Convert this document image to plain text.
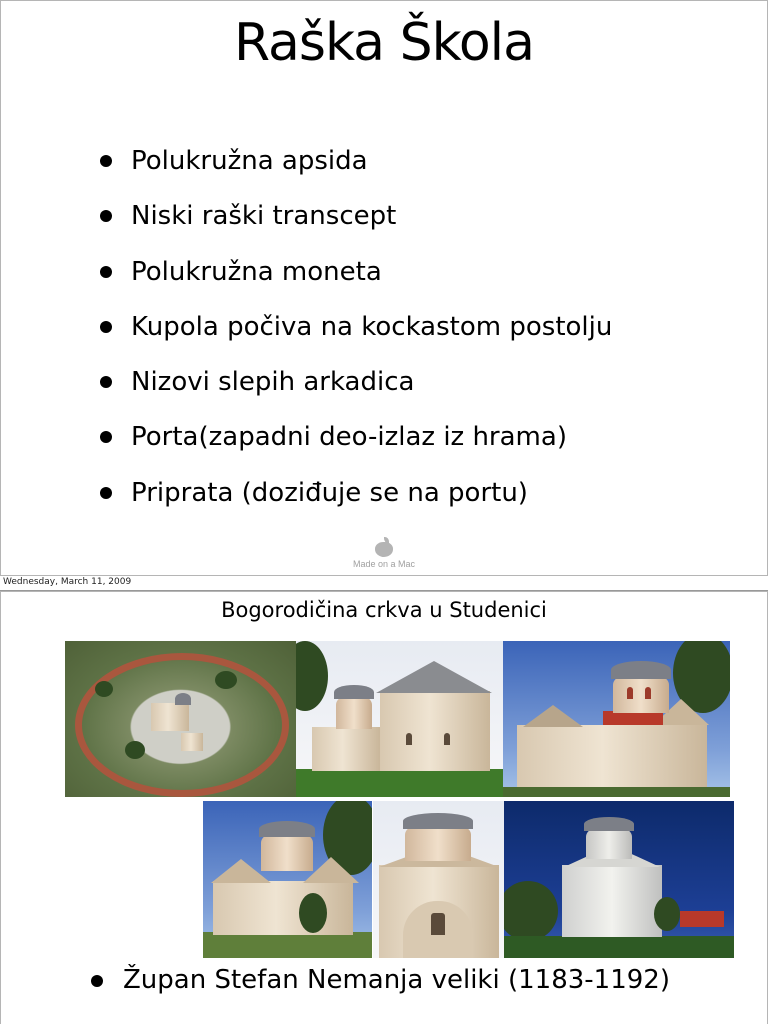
Raška Škola
Polukružna apsida
Niski raški transcept
Polukružna moneta
Kupola počiva na kockastom postolju
Nizovi slepih arkadica
Porta(zapadni deo-izlaz iz hrama)
Priprata (doziđuje se na portu)
Made on a Mac
Wednesday, March 11, 2009
Bogorodičina crkva u Studenici
Župan Stefan Nemanja veliki (1183-1192)
